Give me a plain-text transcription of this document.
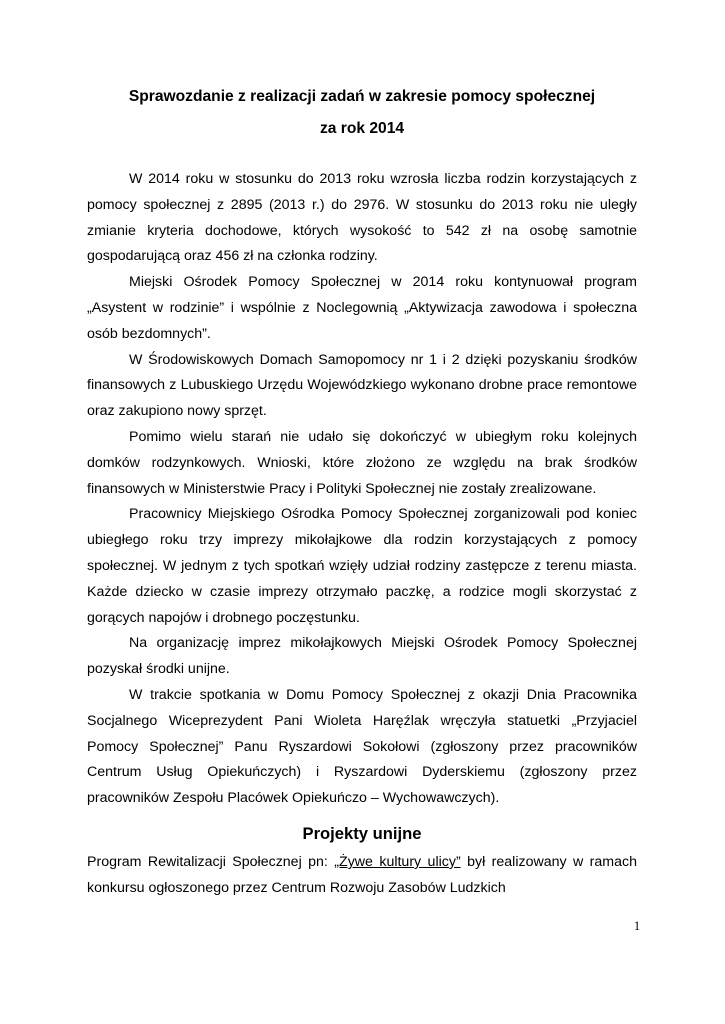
Sprawozdanie z realizacji zadań w zakresie pomocy społecznej
za rok 2014

W 2014 roku w stosunku do 2013 roku wzrosła liczba rodzin korzystających z pomocy społecznej z 2895 (2013 r.) do 2976. W stosunku do 2013 roku nie uległy zmianie kryteria dochodowe, których wysokość to 542 zł na osobę samotnie gospodarującą oraz 456 zł na członka rodziny.

Miejski Ośrodek Pomocy Społecznej w 2014 roku kontynuował program „Asystent w rodzinie” i wspólnie z Noclegownią „Aktywizacja zawodowa i społeczna osób bezdomnych”.

W Środowiskowych Domach Samopomocy nr 1 i 2 dzięki pozyskaniu środków finansowych z Lubuskiego Urzędu Wojewódzkiego wykonano drobne prace remontowe oraz zakupiono nowy sprzęt.

Pomimo wielu starań nie udało się dokończyć w ubiegłym roku kolejnych domków rodzynkowych. Wnioski, które złożono ze względu na brak środków finansowych w Ministerstwie Pracy i Polityki Społecznej nie zostały zrealizowane.

Pracownicy Miejskiego Ośrodka Pomocy Społecznej zorganizowali pod koniec ubiegłego roku trzy imprezy mikołajkowe dla rodzin korzystających z pomocy społecznej. W jednym z tych spotkań wzięły udział rodziny zastępcze z terenu miasta. Każde dziecko w czasie imprezy otrzymało paczkę, a rodzice mogli skorzystać z gorących napojów i drobnego poczęstunku.

Na organizację imprez mikołajkowych Miejski Ośrodek Pomocy Społecznej pozyskał środki unijne.

W trakcie spotkania w Domu Pomocy Społecznej z okazji Dnia Pracownika Socjalnego Wiceprezydent Pani Wioleta Haręźlak wręczyła statuetki „Przyjaciel Pomocy Społecznej” Panu Ryszardowi Sokołowi (zgłoszony przez pracowników Centrum Usług Opiekuńczych) i Ryszardowi Dyderskiemu (zgłoszony przez pracowników Zespołu Placówek Opiekuńczo – Wychowawczych).

Projekty unijne

Program Rewitalizacji Społecznej pn: „Żywe kultury ulicy” był realizowany w ramach konkursu ogłoszonego przez Centrum Rozwoju Zasobów Ludzkich

1
